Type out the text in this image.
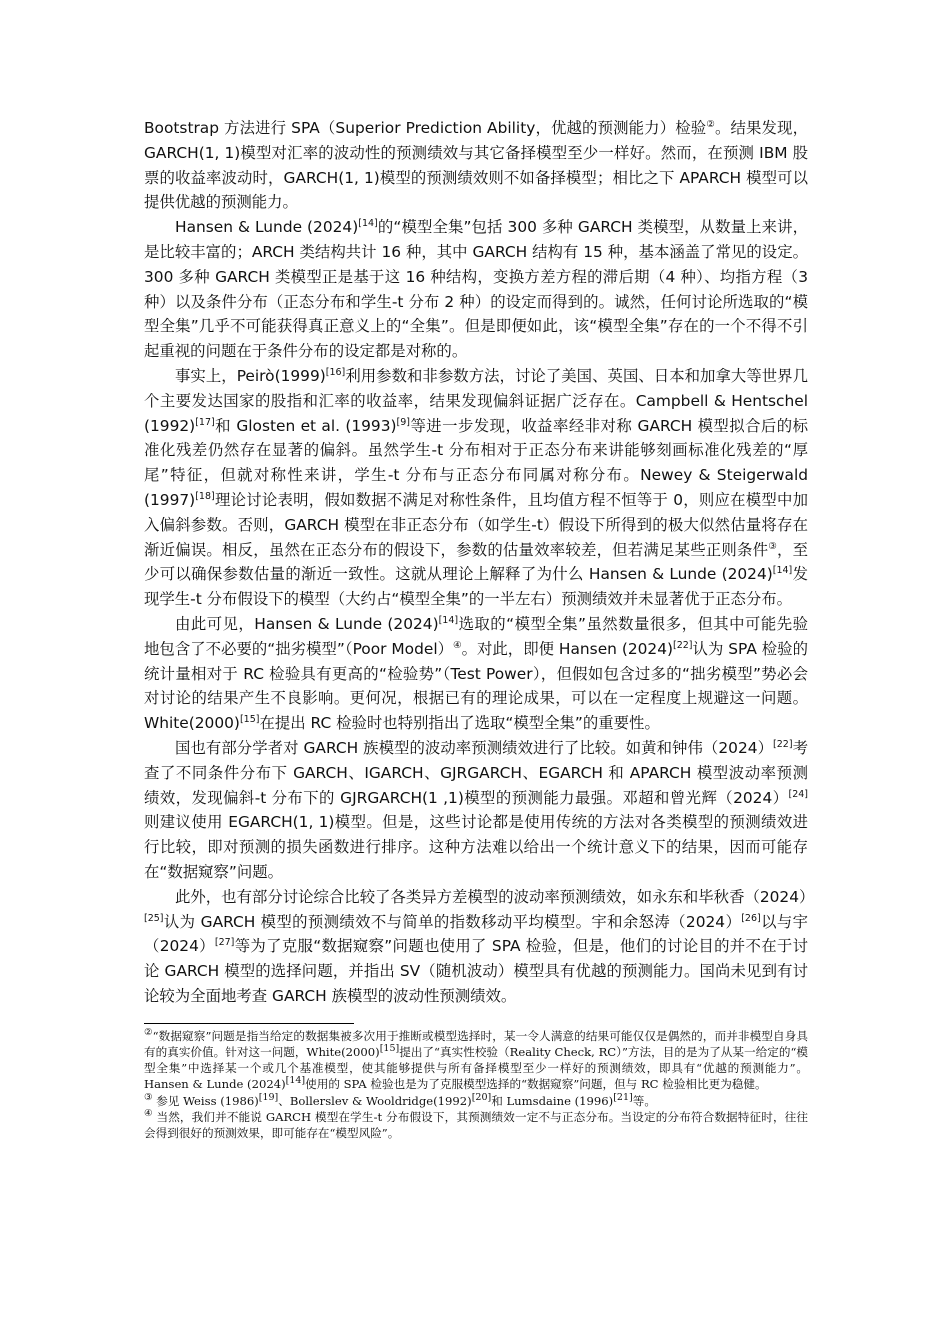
Bootstrap 方法进行 SPA（Superior Prediction Ability，优越的预测能力）检验②。结果发现，GARCH(1, 1)模型对汇率的波动性的预测绩效与其它备择模型至少一样好。然而，在预测 IBM 股票的收益率波动时，GARCH(1, 1)模型的预测绩效则不如备择模型；相比之下 APARCH 模型可以提供优越的预测能力。

Hansen & Lunde (2024)[14]的“模型全集”包括 300 多种 GARCH 类模型，从数量上来讲，是比较丰富的；ARCH 类结构共计 16 种，其中 GARCH 结构有 15 种，基本涵盖了常见的设定。300 多种 GARCH 类模型正是基于这 16 种结构，变换方差方程的滞后期（4 种）、均指方程（3 种）以及条件分布（正态分布和学生-t 分布 2 种）的设定而得到的。诚然，任何讨论所选取的“模型全集”几乎不可能获得真正意义上的“全集”。但是即便如此，该“模型全集”存在的一个不得不引起重视的问题在于条件分布的设定都是对称的。

事实上，Peirò(1999)[16]利用参数和非参数方法，讨论了美国、英国、日本和加拿大等世界几个主要发达国家的股指和汇率的收益率，结果发现偏斜证据广泛存在。Campbell & Hentschel (1992)[17]和 Glosten et al. (1993)[9]等进一步发现，收益率经非对称 GARCH 模型拟合后的标准化残差仍然存在显著的偏斜。虽然学生-t 分布相对于正态分布来讲能够刻画标准化残差的“厚尾”特征，但就对称性来讲，学生-t 分布与正态分布同属对称分布。Newey & Steigerwald (1997)[18]理论讨论表明，假如数据不满足对称性条件，且均值方程不恒等于 0，则应在模型中加入偏斜参数。否则，GARCH 模型在非正态分布（如学生-t）假设下所得到的极大似然估量将存在渐近偏误。相反，虽然在正态分布的假设下，参数的估量效率较差，但若满足某些正则条件③，至少可以确保参数估量的渐近一致性。这就从理论上解释了为什么 Hansen & Lunde (2024)[14]发现学生-t 分布假设下的模型（大约占“模型全集”的一半左右）预测绩效并未显著优于正态分布。

由此可见，Hansen & Lunde (2024)[14]选取的“模型全集”虽然数量很多，但其中可能先验地包含了不必要的“拙劣模型”（Poor Model）④。对此，即便 Hansen (2024)[22]认为 SPA 检验的统计量相对于 RC 检验具有更高的“检验势”（Test Power），但假如包含过多的“拙劣模型”势必会对讨论的结果产生不良影响。更何况，根据已有的理论成果，可以在一定程度上规避这一问题。White(2000)[15]在提出 RC 检验时也特别指出了选取“模型全集”的重要性。

国也有部分学者对 GARCH 族模型的波动率预测绩效进行了比较。如黄和钟伟（2024）[22]考查了不同条件分布下 GARCH、IGARCH、GJRGARCH、EGARCH 和 APARCH 模型波动率预测绩效，发现偏斜-t 分布下的 GJRGARCH(1 ,1)模型的预测能力最强。邓超和曾光辉（2024）[24]则建议使用 EGARCH(1, 1)模型。但是，这些讨论都是使用传统的方法对各类模型的预测绩效进行比较，即对预测的损失函数进行排序。这种方法难以给出一个统计意义下的结果，因而可能存在“数据窥察”问题。

此外，也有部分讨论综合比较了各类异方差模型的波动率预测绩效，如永东和毕秋香（2024）[25]认为 GARCH 模型的预测绩效不与简单的指数移动平均模型。宇和余怒涛（2024）[26]以与宇（2024）[27]等为了克服“数据窥察”问题也使用了 SPA 检验，但是，他们的讨论目的并不在于讨论 GARCH 模型的选择问题，并指出 SV（随机波动）模型具有优越的预测能力。国尚未见到有讨论较为全面地考查 GARCH 族模型的波动性预测绩效。

②“数据窥察”问题是指当给定的数据集被多次用于推断或模型选择时，某一令人满意的结果可能仅仅是偶然的，而并非模型自身具有的真实价值。针对这一问题，White(2000)[15]提出了“真实性校验（Reality Check, RC）”方法，目的是为了从某一给定的“模型全集”中选择某一个或几个基准模型，使其能够提供与所有备择模型至少一样好的预测绩效，即具有“优越的预测能力”。Hansen & Lunde (2024)[14]使用的 SPA 检验也是为了克服模型选择的“数据窥察”问题，但与 RC 检验相比更为稳健。

③ 参见 Weiss (1986)[19]、Bollerslev & Wooldridge(1992)[20]和 Lumsdaine (1996)[21]等。

④ 当然，我们并不能说 GARCH 模型在学生-t 分布假设下，其预测绩效一定不与正态分布。当设定的分布符合数据特征时，往往会得到很好的预测效果，即可能存在“模型风险”。
